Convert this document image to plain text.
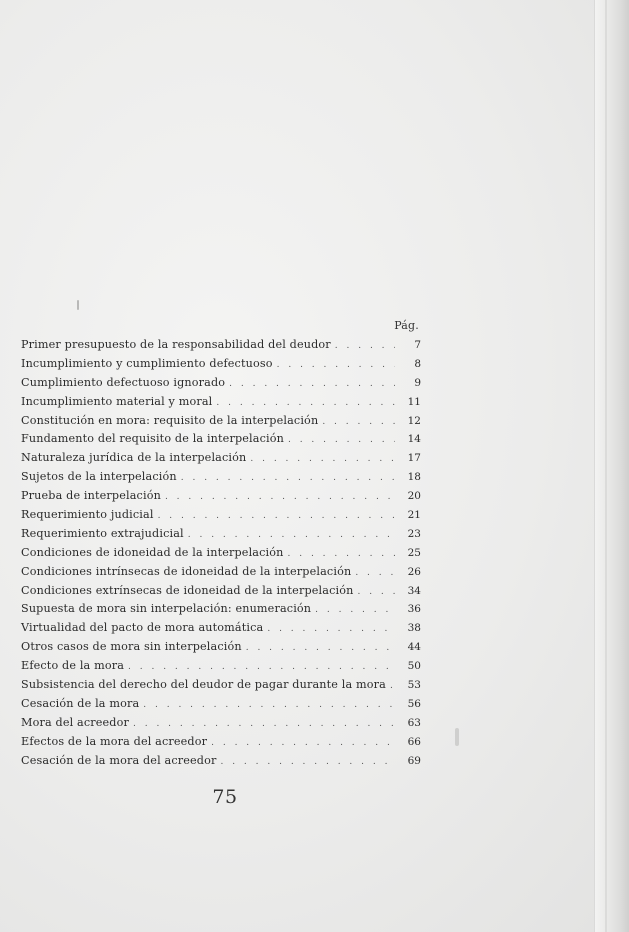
Pág.
Primer presupuesto de la responsabilidad del deudor . . .	7
Incumplimiento y cumplimiento defectuoso . . .	8
Cumplimiento defectuoso ignorado . . .	9
Incumplimiento material y moral . . .	11
Constitución en mora: requisito de la interpelación . . .	12
Fundamento del requisito de la interpelación . . .	14
Naturaleza jurídica de la interpelación . . .	17
Sujetos de la interpelación . . .	18
Prueba de interpelación . . .	20
Requerimiento judicial . . .	21
Requerimiento extrajudicial . . .	23
Condiciones de idoneidad de la interpelación . . .	25
Condiciones intrínsecas de idoneidad de la interpelación . . .	26
Condiciones extrínsecas de idoneidad de la interpelación . . .	34
Supuesta de mora sin interpelación: enumeración . . .	36
Virtualidad del pacto de mora automática . . .	38
Otros casos de mora sin interpelación . . .	44
Efecto de la mora . . .	50
Subsistencia del derecho del deudor de pagar durante la mora . . .	53
Cesación de la mora . . .	56
Mora del acreedor . . .	63
Efectos de la mora del acreedor . . .	66
Cesación de la mora del acreedor . . .	69
75
